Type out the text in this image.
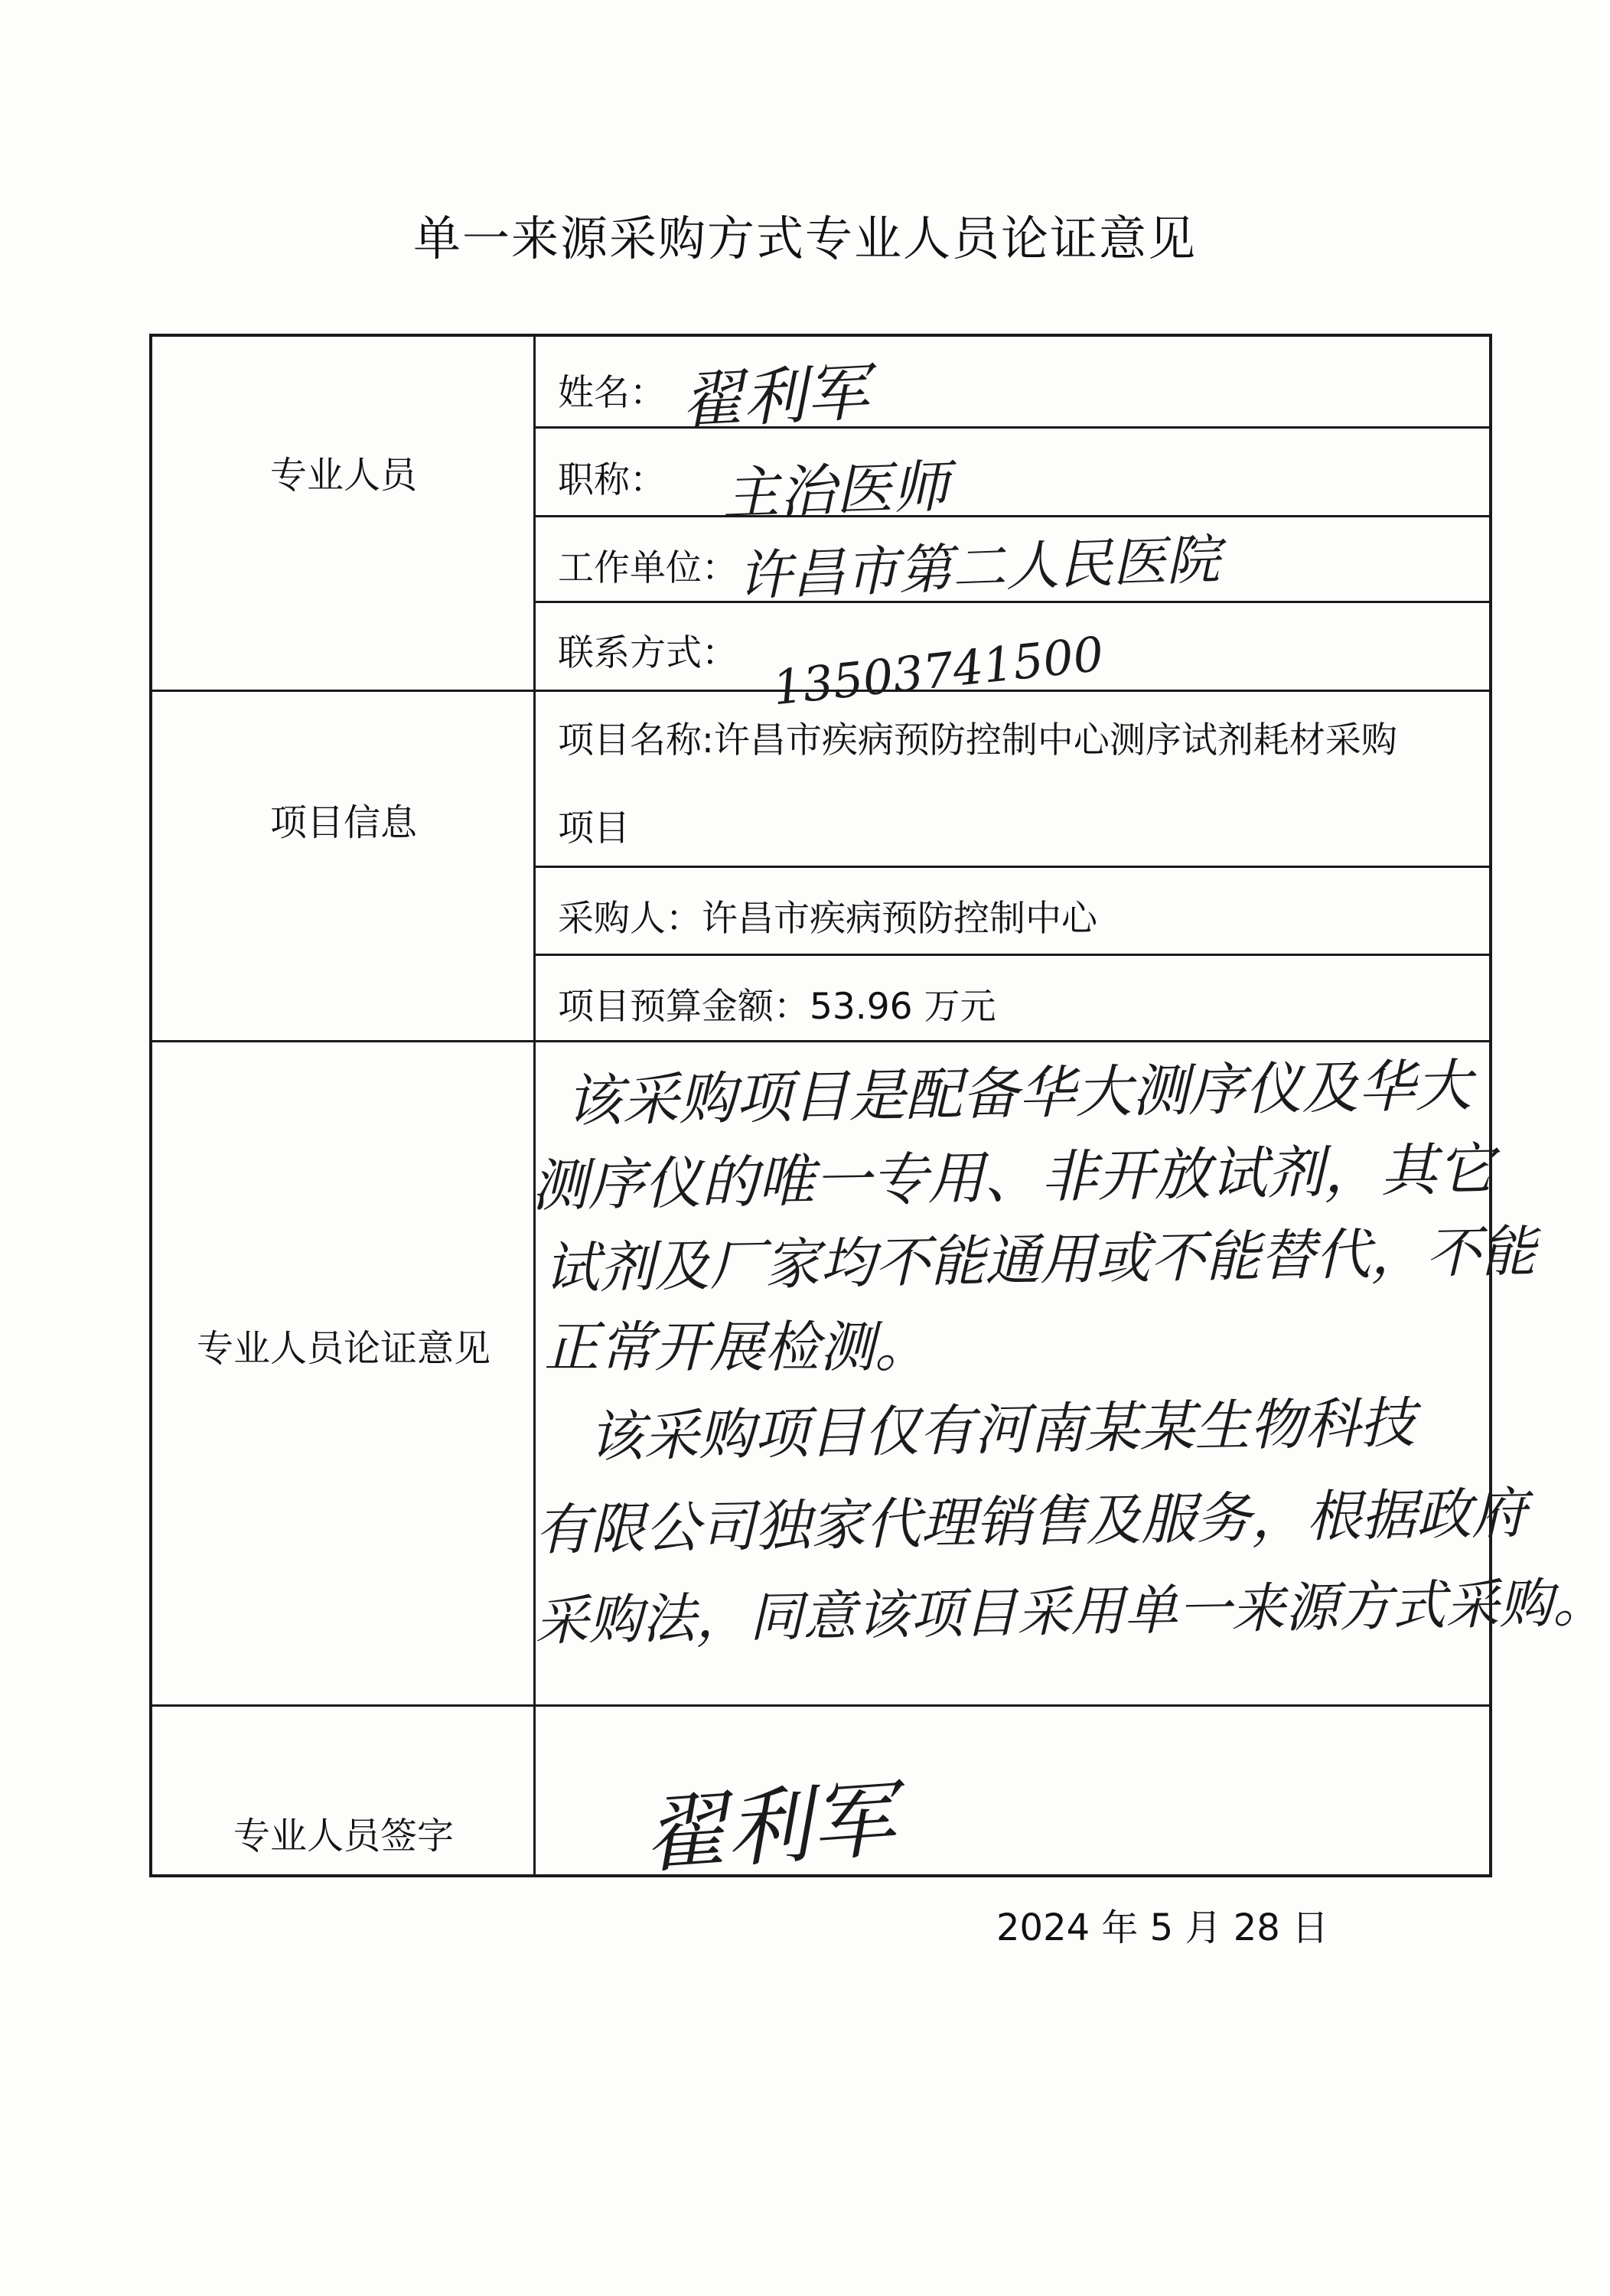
单一来源采购方式专业人员论证意见
专业人员
姓名： 翟利军
职称： 主治医师
工作单位：
许昌市第二人民医院
联系方式： 13503741500
项目信息
项目名称:许昌市疾病预防控制中心测序试剂耗材采购
项目
采购人：许昌市疾病预防控制中心
项目预算金额：53.96 万元
专业人员论证意见
该采购项目是配备华大测序仪及华大
测序仪的唯一专用、非开放试剂，其它
试剂及厂家均不能通用或不能替代，不能
正常开展检测。
该采购项目仅有河南某某生物科技
有限公司独家代理销售及服务，根据政府
采购法，同意该项目采用单一来源方式采购。
专业人员签字	翟利军
2024 年 5 月 28 日
